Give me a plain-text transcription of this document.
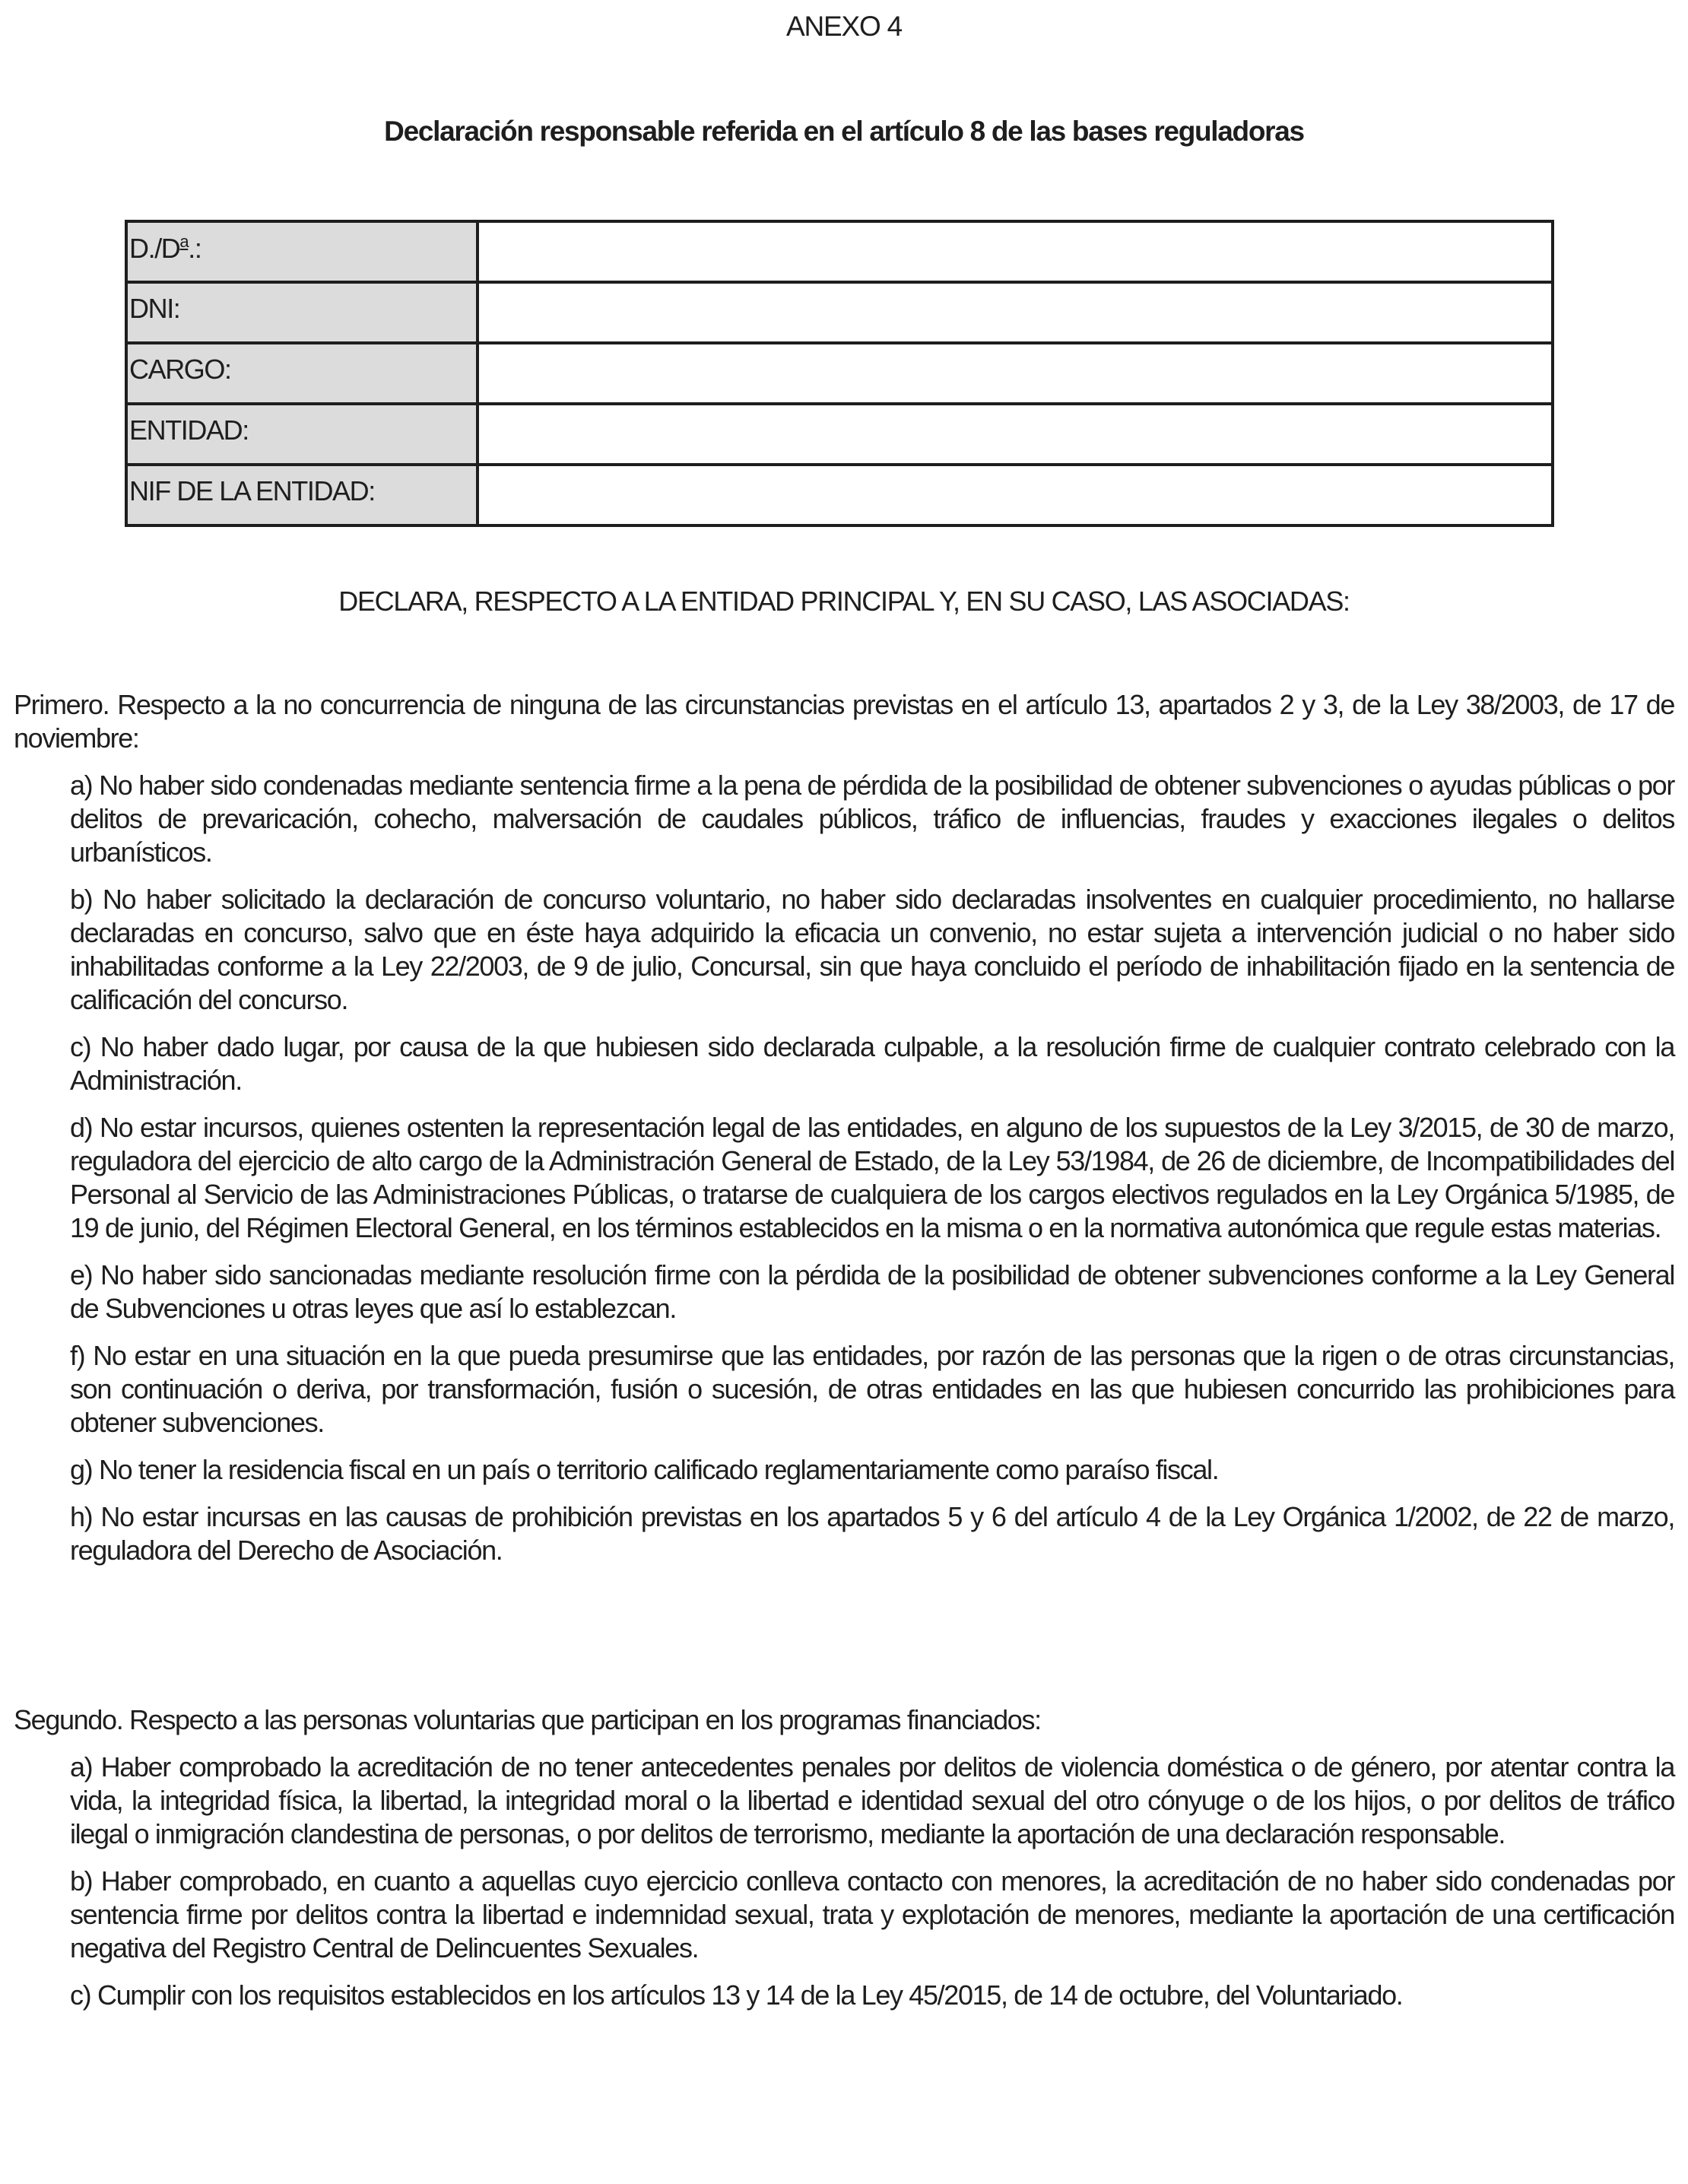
ANEXO 4
Declaración responsable referida en el artículo 8 de las bases reguladoras
$D./D^a$.:	
DNI:	
CARGO:	
ENTIDAD:	
NIF DE LA ENTIDAD:	
DECLARA, RESPECTO A LA ENTIDAD PRINCIPAL Y, EN SU CASO, LAS ASOCIADAS:

Primero. Respecto a la no concurrencia de ninguna de las circunstancias previstas en el artículo 13, apartados 2 y 3, de la Ley 38/2003, de 17 de noviembre:

a) No haber sido condenadas mediante sentencia firme a la pena de pérdida de la posibilidad de obtener subvenciones o ayudas públicas o por delitos de prevaricación, cohecho, malversación de caudales públicos, tráfico de influencias, fraudes y exacciones ilegales o delitos urbanísticos.
b) No haber solicitado la declaración de concurso voluntario, no haber sido declaradas insolventes en cualquier procedimiento, no hallarse declaradas en concurso, salvo que en éste haya adquirido la eficacia un convenio, no estar sujeta a intervención judicial o no haber sido inhabilitadas conforme a la Ley 22/2003, de 9 de julio, Concursal, sin que haya concluido el período de inhabilitación fijado en la sentencia de calificación del concurso.
c) No haber dado lugar, por causa de la que hubiesen sido declarada culpable, a la resolución firme de cualquier contrato celebrado con la Administración.
d) No estar incursos, quienes ostenten la representación legal de las entidades, en alguno de los supuestos de la Ley 3/2015, de 30 de marzo, reguladora del ejercicio de alto cargo de la Administración General de Estado, de la Ley 53/1984, de 26 de diciembre, de Incompatibilidades del Personal al Servicio de las Administraciones Públicas, o tratarse de cualquiera de los cargos electivos regulados en la Ley Orgánica 5/1985, de 19 de junio, del Régimen Electoral General, en los términos establecidos en la misma o en la normativa autonómica que regule estas materias.
e) No haber sido sancionadas mediante resolución firme con la pérdida de la posibilidad de obtener subvenciones conforme a la Ley General de Subvenciones u otras leyes que así lo establezcan.
f) No estar en una situación en la que pueda presumirse que las entidades, por razón de las personas que la rigen o de otras circunstancias, son continuación o deriva, por transformación, fusión o sucesión, de otras entidades en las que hubiesen concurrido las prohibiciones para obtener subvenciones.
g) No tener la residencia fiscal en un país o territorio calificado reglamentariamente como paraíso fiscal.
h) No estar incursas en las causas de prohibición previstas en los apartados 5 y 6 del artículo 4 de la Ley Orgánica 1/2002, de 22 de marzo, reguladora del Derecho de Asociación.

Segundo. Respecto a las personas voluntarias que participan en los programas financiados:

a) Haber comprobado la acreditación de no tener antecedentes penales por delitos de violencia doméstica o de género, por atentar contra la vida, la integridad física, la libertad, la integridad moral o la libertad e identidad sexual del otro cónyuge o de los hijos, o por delitos de tráfico ilegal o inmigración clandestina de personas, o por delitos de terrorismo, mediante la aportación de una declaración responsable.
b) Haber comprobado, en cuanto a aquellas cuyo ejercicio conlleva contacto con menores, la acreditación de no haber sido condenadas por sentencia firme por delitos contra la libertad e indemnidad sexual, trata y explotación de menores, mediante la aportación de una certificación negativa del Registro Central de Delincuentes Sexuales.
c) Cumplir con los requisitos establecidos en los artículos 13 y 14 de la Ley 45/2015, de 14 de octubre, del Voluntariado.
